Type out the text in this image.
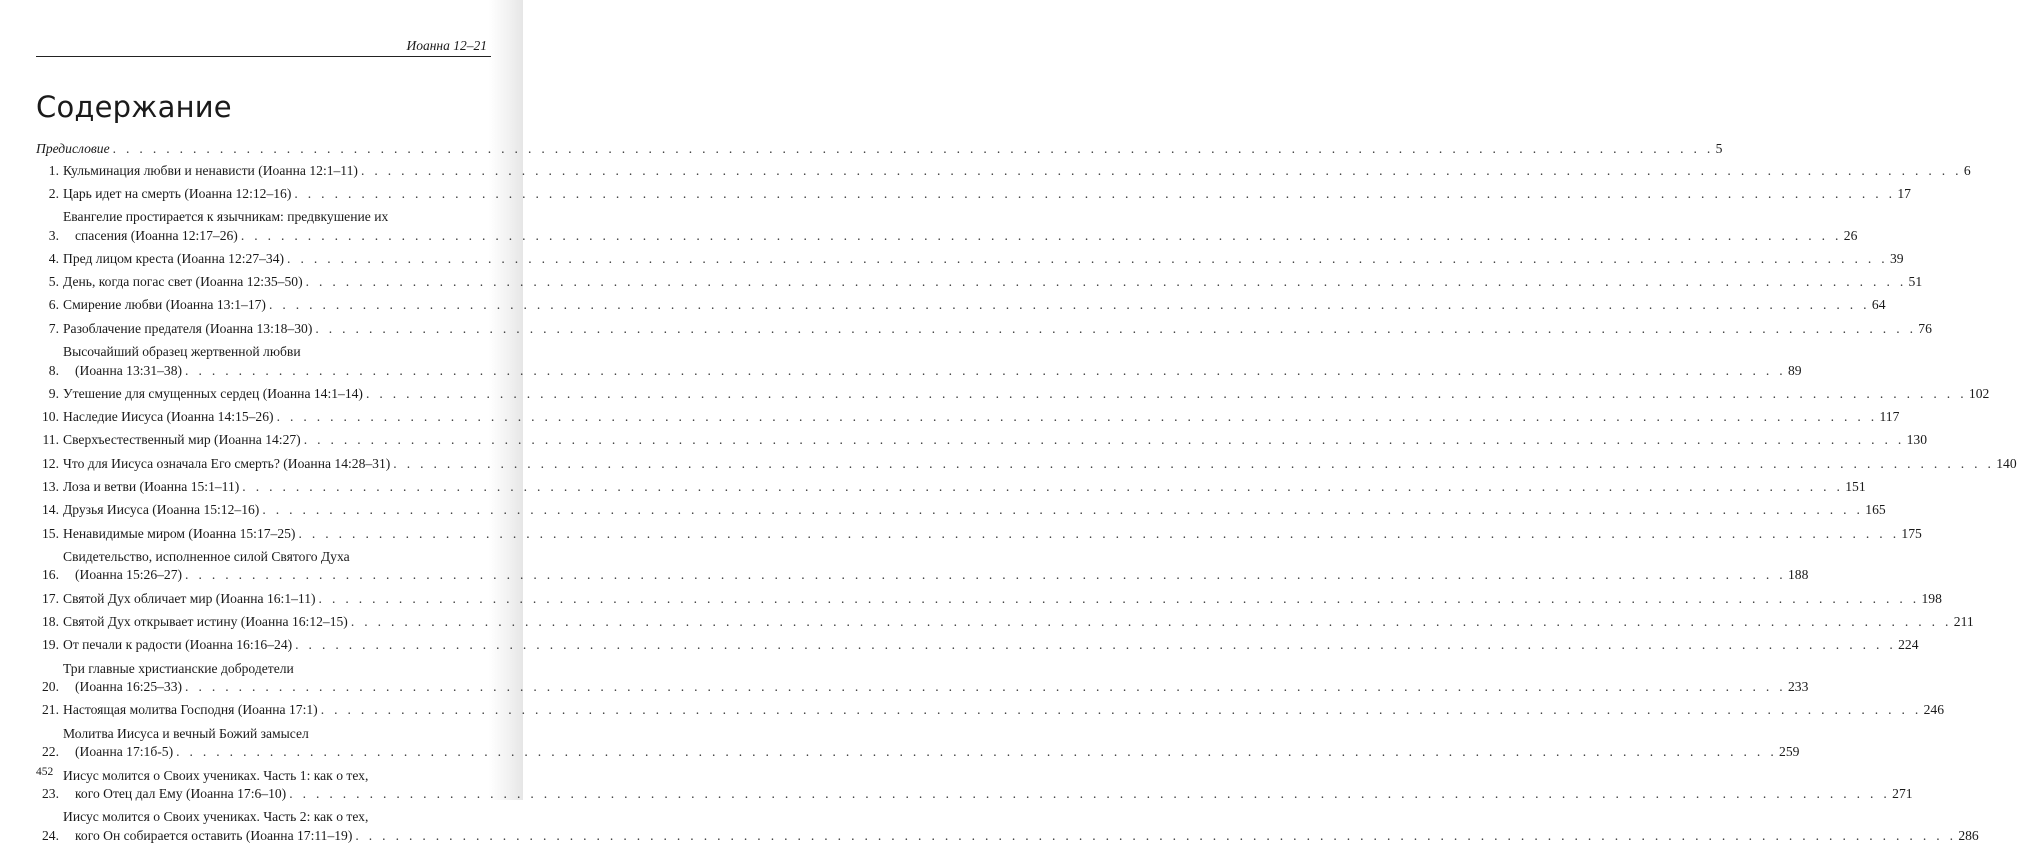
Иоанна 12–21
Содержание
Предисловие . . . . . . . . . . . . . . . . . . . . . . . . . . . . . . . . . . . . . . . . . . . . . . . . . . . . . . . . . . . . . . . . . . . . . . . . . . . . . . . . . . . . . . . . . . . . . . . . . . . . . . . . . . . . . . . . . . . . . . . . 5
1. Кульминация любви и ненависти (Иоанна 12:1–11) . . . . . . . . . . . . . . . . . . . . . . . . . . . . . . . . . . . . . . . . . . . . . . . . . . . . . . . . . . . . . . . . . . . . . . . . . . . . . . . . . . . . . . . . . . . . . . . . . . . . . . . . . . . . . . . . . . . . . . . . 6
2. Царь идет на смерть (Иоанна 12:12–16) . . . . . . . . . . . . . . . . . . . . . . . . . . . . . . . . . . . . . . . . . . . . . . . . . . . . . . . . . . . . . . . . . . . . . . . . . . . . . . . . . . . . . . . . . . . . . . . . . . . . . . . . . . . . . . . . . . . . . . . . 17
3.
Евангелие простирается к язычникам: предвкушение их
спасения (Иоанна 12:17–26) . . . . . . . . . . . . . . . . . . . . . . . . . . . . . . . . . . . . . . . . . . . . . . . . . . . . . . . . . . . . . . . . . . . . . . . . . . . . . . . . . . . . . . . . . . . . . . . . . . . . . . . . . . . . . . . . . . . . . . . . 26
4. Пред лицом креста (Иоанна 12:27–34) . . . . . . . . . . . . . . . . . . . . . . . . . . . . . . . . . . . . . . . . . . . . . . . . . . . . . . . . . . . . . . . . . . . . . . . . . . . . . . . . . . . . . . . . . . . . . . . . . . . . . . . . . . . . . . . . . . . . . . . . 39
5. День, когда погас свет (Иоанна 12:35–50) . . . . . . . . . . . . . . . . . . . . . . . . . . . . . . . . . . . . . . . . . . . . . . . . . . . . . . . . . . . . . . . . . . . . . . . . . . . . . . . . . . . . . . . . . . . . . . . . . . . . . . . . . . . . . . . . . . . . . . . . 51
6. Смирение любви (Иоанна 13:1–17) . . . . . . . . . . . . . . . . . . . . . . . . . . . . . . . . . . . . . . . . . . . . . . . . . . . . . . . . . . . . . . . . . . . . . . . . . . . . . . . . . . . . . . . . . . . . . . . . . . . . . . . . . . . . . . . . . . . . . . . . 64
7. Разоблачение предателя (Иоанна 13:18–30) . . . . . . . . . . . . . . . . . . . . . . . . . . . . . . . . . . . . . . . . . . . . . . . . . . . . . . . . . . . . . . . . . . . . . . . . . . . . . . . . . . . . . . . . . . . . . . . . . . . . . . . . . . . . . . . . . . . . . . . . 76
8.
Высочайший образец жертвенной любви
(Иоанна 13:31–38) . . . . . . . . . . . . . . . . . . . . . . . . . . . . . . . . . . . . . . . . . . . . . . . . . . . . . . . . . . . . . . . . . . . . . . . . . . . . . . . . . . . . . . . . . . . . . . . . . . . . . . . . . . . . . . . . . . . . . . . . 89
9. Утешение для смущенных сердец (Иоанна 14:1–14) . . . . . . . . . . . . . . . . . . . . . . . . . . . . . . . . . . . . . . . . . . . . . . . . . . . . . . . . . . . . . . . . . . . . . . . . . . . . . . . . . . . . . . . . . . . . . . . . . . . . . . . . . . . . . . . . . . . . . . . . 102
10. Наследие Иисуса (Иоанна 14:15–26) . . . . . . . . . . . . . . . . . . . . . . . . . . . . . . . . . . . . . . . . . . . . . . . . . . . . . . . . . . . . . . . . . . . . . . . . . . . . . . . . . . . . . . . . . . . . . . . . . . . . . . . . . . . . . . . . . . . . . . . . 117
11. Сверхъестественный мир (Иоанна 14:27) . . . . . . . . . . . . . . . . . . . . . . . . . . . . . . . . . . . . . . . . . . . . . . . . . . . . . . . . . . . . . . . . . . . . . . . . . . . . . . . . . . . . . . . . . . . . . . . . . . . . . . . . . . . . . . . . . . . . . . . . 130
12. Что для Иисуса означала Его смерть? (Иоанна 14:28–31) . . . . . . . . . . . . . . . . . . . . . . . . . . . . . . . . . . . . . . . . . . . . . . . . . . . . . . . . . . . . . . . . . . . . . . . . . . . . . . . . . . . . . . . . . . . . . . . . . . . . . . . . . . . . . . . . . . . . . . . . 140
13. Лоза и ветви (Иоанна 15:1–11) . . . . . . . . . . . . . . . . . . . . . . . . . . . . . . . . . . . . . . . . . . . . . . . . . . . . . . . . . . . . . . . . . . . . . . . . . . . . . . . . . . . . . . . . . . . . . . . . . . . . . . . . . . . . . . . . . . . . . . . . 151
14. Друзья Иисуса (Иоанна 15:12–16) . . . . . . . . . . . . . . . . . . . . . . . . . . . . . . . . . . . . . . . . . . . . . . . . . . . . . . . . . . . . . . . . . . . . . . . . . . . . . . . . . . . . . . . . . . . . . . . . . . . . . . . . . . . . . . . . . . . . . . . . 165
15. Ненавидимые миром (Иоанна 15:17–25) . . . . . . . . . . . . . . . . . . . . . . . . . . . . . . . . . . . . . . . . . . . . . . . . . . . . . . . . . . . . . . . . . . . . . . . . . . . . . . . . . . . . . . . . . . . . . . . . . . . . . . . . . . . . . . . . . . . . . . . . 175
16.
Свидетельство, исполненное силой Святого Духа
(Иоанна 15:26–27) . . . . . . . . . . . . . . . . . . . . . . . . . . . . . . . . . . . . . . . . . . . . . . . . . . . . . . . . . . . . . . . . . . . . . . . . . . . . . . . . . . . . . . . . . . . . . . . . . . . . . . . . . . . . . . . . . . . . . . . . 188
17. Святой Дух обличает мир (Иоанна 16:1–11) . . . . . . . . . . . . . . . . . . . . . . . . . . . . . . . . . . . . . . . . . . . . . . . . . . . . . . . . . . . . . . . . . . . . . . . . . . . . . . . . . . . . . . . . . . . . . . . . . . . . . . . . . . . . . . . . . . . . . . . . 198
18. Святой Дух открывает истину (Иоанна 16:12–15) . . . . . . . . . . . . . . . . . . . . . . . . . . . . . . . . . . . . . . . . . . . . . . . . . . . . . . . . . . . . . . . . . . . . . . . . . . . . . . . . . . . . . . . . . . . . . . . . . . . . . . . . . . . . . . . . . . . . . . . . 211
19. От печали к радости (Иоанна 16:16–24) . . . . . . . . . . . . . . . . . . . . . . . . . . . . . . . . . . . . . . . . . . . . . . . . . . . . . . . . . . . . . . . . . . . . . . . . . . . . . . . . . . . . . . . . . . . . . . . . . . . . . . . . . . . . . . . . . . . . . . . . 224
20.
Три главные христианские добродетели
(Иоанна 16:25–33) . . . . . . . . . . . . . . . . . . . . . . . . . . . . . . . . . . . . . . . . . . . . . . . . . . . . . . . . . . . . . . . . . . . . . . . . . . . . . . . . . . . . . . . . . . . . . . . . . . . . . . . . . . . . . . . . . . . . . . . . 233
21. Настоящая молитва Господня (Иоанна 17:1) . . . . . . . . . . . . . . . . . . . . . . . . . . . . . . . . . . . . . . . . . . . . . . . . . . . . . . . . . . . . . . . . . . . . . . . . . . . . . . . . . . . . . . . . . . . . . . . . . . . . . . . . . . . . . . . . . . . . . . . . 246
22.
Молитва Иисуса и вечный Божий замысел
(Иоанна 17:1б-5) . . . . . . . . . . . . . . . . . . . . . . . . . . . . . . . . . . . . . . . . . . . . . . . . . . . . . . . . . . . . . . . . . . . . . . . . . . . . . . . . . . . . . . . . . . . . . . . . . . . . . . . . . . . . . . . . . . . . . . . . 259
23.
Иисус молится о Своих учениках. Часть 1: как о тех,
кого Отец дал Ему (Иоанна 17:6–10) . . . . . . . . . . . . . . . . . . . . . . . . . . . . . . . . . . . . . . . . . . . . . . . . . . . . . . . . . . . . . . . . . . . . . . . . . . . . . . . . . . . . . . . . . . . . . . . . . . . . . . . . . . . . . . . . . . . . . . . . 271
24.
Иисус молится о Своих учениках. Часть 2: как о тех,
кого Он собирается оставить (Иоанна 17:11–19) . . . . . . . . . . . . . . . . . . . . . . . . . . . . . . . . . . . . . . . . . . . . . . . . . . . . . . . . . . . . . . . . . . . . . . . . . . . . . . . . . . . . . . . . . . . . . . . . . . . . . . . . . . . . . . . . . . . . . . . . 286
452
